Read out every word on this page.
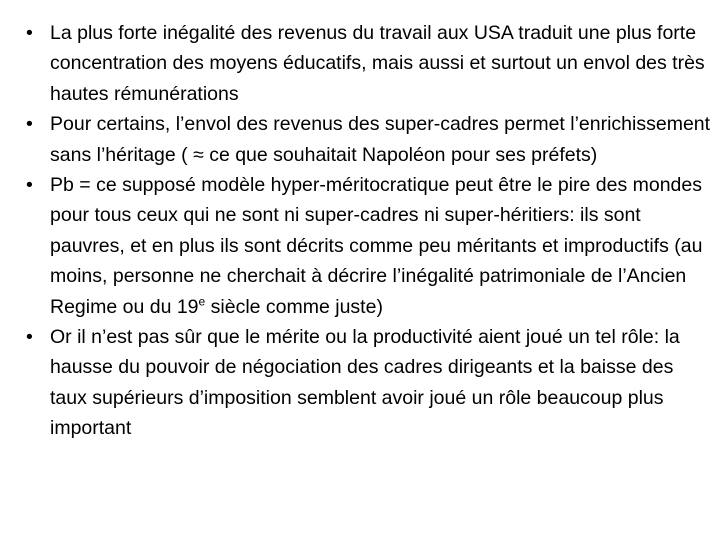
• La plus forte inégalité des revenus du travail aux USA traduit une plus forte concentration des moyens éducatifs, mais aussi et surtout un envol des très hautes rémunérations
• Pour certains, l’envol des revenus des super-cadres permet l’enrichissement sans l’héritage ( ≈ ce que souhaitait Napoléon pour ses préfets)
• Pb = ce supposé modèle hyper-méritocratique peut être le pire des mondes pour tous ceux qui ne sont ni super-cadres ni super-héritiers: ils sont pauvres, et en plus ils sont décrits comme peu méritants et improductifs (au moins, personne ne cherchait à décrire l’inégalité patrimoniale de l’Ancien Regime ou du 19e siècle comme juste)
• Or il n’est pas sûr que le mérite ou la productivité aient joué un tel rôle: la hausse du pouvoir de négociation des cadres dirigeants et la baisse des taux supérieurs d’imposition semblent avoir joué un rôle beaucoup plus important
